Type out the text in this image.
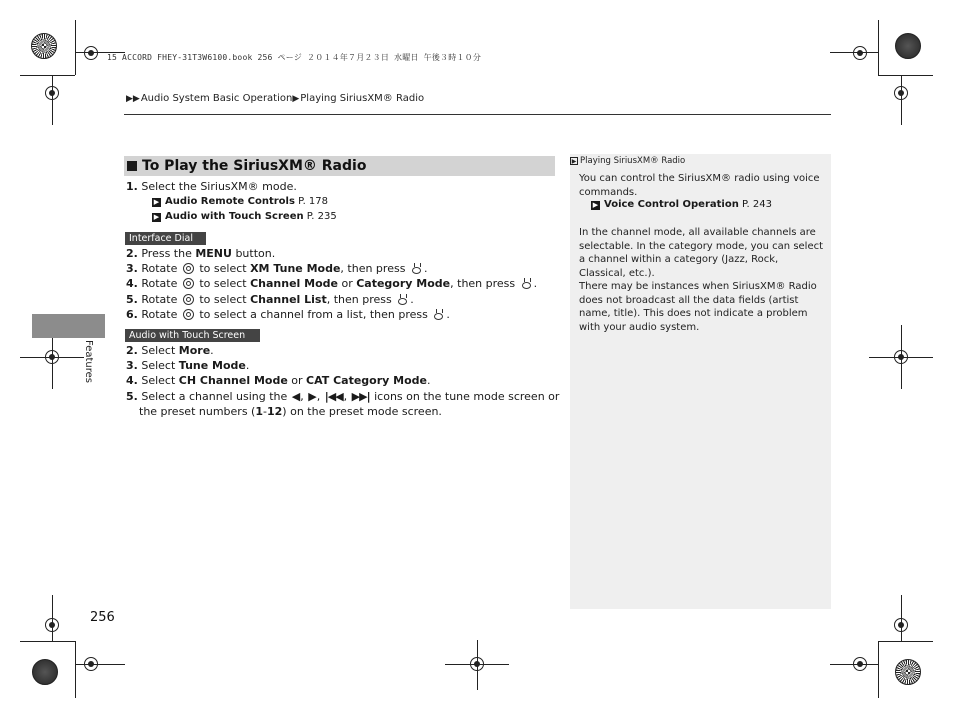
15 ACCORD FHEY-31T3W6100.book 256 ページ ２０１４年７月２３日 水曜日 午後３時１０分
▶▶Audio System Basic Operation▶Playing SiriusXM® Radio
Features
To Play the SiriusXM® Radio
1. Select the SiriusXM® mode.
▶ Audio Remote Controls P. 178
▶ Audio with Touch Screen P. 235
Interface Dial
2. Press the MENU button.
3. Rotate  to select XM Tune Mode, then press .
4. Rotate  to select Channel Mode or Category Mode, then press .
5. Rotate  to select Channel List, then press .
6. Rotate  to select a channel from a list, then press .
Audio with Touch Screen
2. Select More.
3. Select Tune Mode.
4. Select CH Channel Mode or CAT Category Mode.
5. Select a channel using the ◀, ▶, |◀◀, ▶▶| icons on the tune mode screen or
the preset numbers (1-12) on the preset mode screen.
▶ Playing SiriusXM® Radio
You can control the SiriusXM® radio using voice
commands.
▶ Voice Control Operation P. 243
In the channel mode, all available channels are selectable. In the category mode, you can select a channel within a category (Jazz, Rock, Classical, etc.).
There may be instances when SiriusXM® Radio does not broadcast all the data fields (artist name, title). This does not indicate a problem with your audio system.
256
